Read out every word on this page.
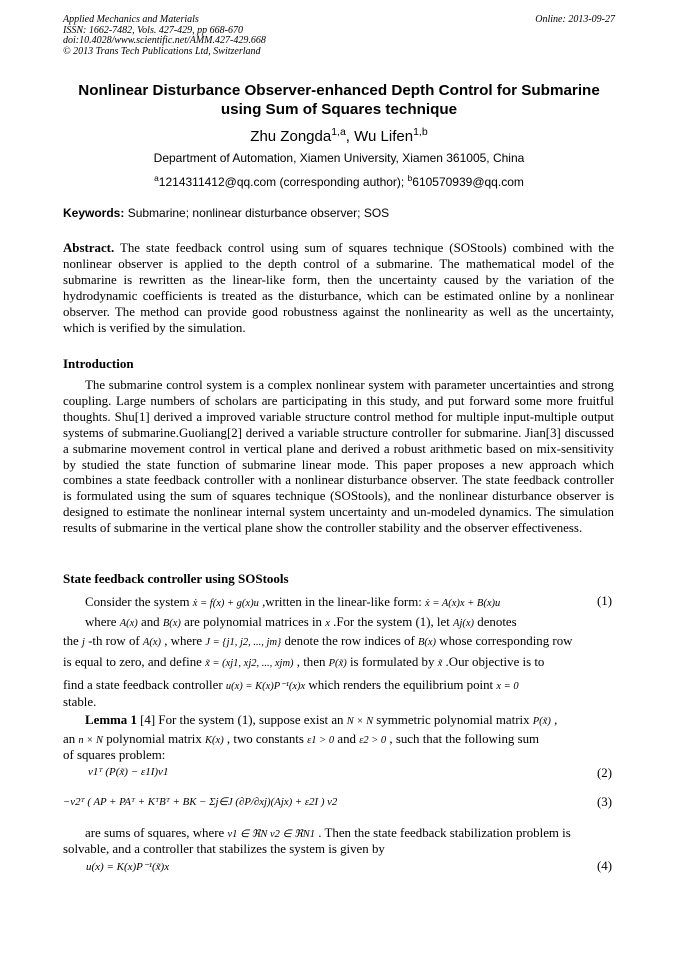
Applied Mechanics and Materials
ISSN: 1662-7482, Vols. 427-429, pp 668-670
doi:10.4028/www.scientific.net/AMM.427-429.668
© 2013 Trans Tech Publications Ltd, Switzerland
Online: 2013-09-27
Nonlinear Disturbance Observer-enhanced Depth Control for Submarine
using Sum of Squares technique
Zhu Zongda$^{1,a}$, Wu Lifen$^{1,b}$
Department of Automation, Xiamen University, Xiamen 361005, China
$^a$1214311412@qq.com (corresponding author); $^b$610570939@qq.com
Keywords: Submarine; nonlinear disturbance observer; SOS
Abstract. The state feedback control using sum of squares technique (SOStools) combined with the nonlinear observer is applied to the depth control of a submarine. The mathematical model of the submarine is rewritten as the linear-like form, then the uncertainty caused by the variation of the hydrodynamic coefficients is treated as the disturbance, which can be estimated online by a nonlinear observer. The method can provide good robustness against the nonlinearity as well as the uncertainty, which is verified by the simulation.
Introduction
The submarine control system is a complex nonlinear system with parameter uncertainties and strong coupling. Large numbers of scholars are participating in this study, and put forward some more fruitful thoughts. Shu[1] derived a improved variable structure control method for multiple input-multiple output systems of submarine.Guoliang[2] derived a variable structure controller for submarine. Jian[3] discussed a submarine movement control in vertical plane and derived a robust arithmetic based on mix-sensitivity by studied the state function of submarine linear mode. This paper proposes a new approach which combines a state feedback controller with a nonlinear disturbance observer. The state feedback controller is formulated using the sum of squares technique (SOStools), and the nonlinear disturbance observer is designed to estimate the nonlinear internal system uncertainty and un-modeled dynamics. The simulation results of submarine in the vertical plane show the controller stability and the observer effectiveness.
State feedback controller using SOStools
Consider the system ẋ = f(x) + g(x)u ,written in the linear-like form: ẋ = A(x)x + B(x)u	(1)
where A(x) and B(x) are polynomial matrices in x .For the system (1), let Aj(x) denotes
the j -th row of A(x) , where J = {j1, j2, ..., jm} denote the row indices of B(x) whose corresponding row
is equal to zero, and define x̃ = (xj1, xj2, ..., xjm) , then P(x̃) is formulated by x̃ .Our objective is to
find a state feedback controller u(x) = K(x)P⁻¹(x)x which renders the equilibrium point x = 0
stable.
Lemma 1 [4] For the system (1), suppose exist an N × N symmetric polynomial matrix P(x̃) ,
an n × N polynomial matrix K(x) , two constants ε1 > 0 and ε2 > 0 , such that the following sum
of squares problem:
v1ᵀ (P(x̃) − ε1I)v1	(2)
−v2ᵀ ( AP + PAᵀ + KᵀBᵀ + BK − Σj∈J (∂P/∂xj)(Ajx) + ε2I ) v2	(3)
are sums of squares, where v1 ∈ ℜN v2 ∈ ℜN1 . Then the state feedback stabilization problem is
solvable, and a controller that stabilizes the system is given by
u(x) = K(x)P⁻¹(x̃)x	(4)
